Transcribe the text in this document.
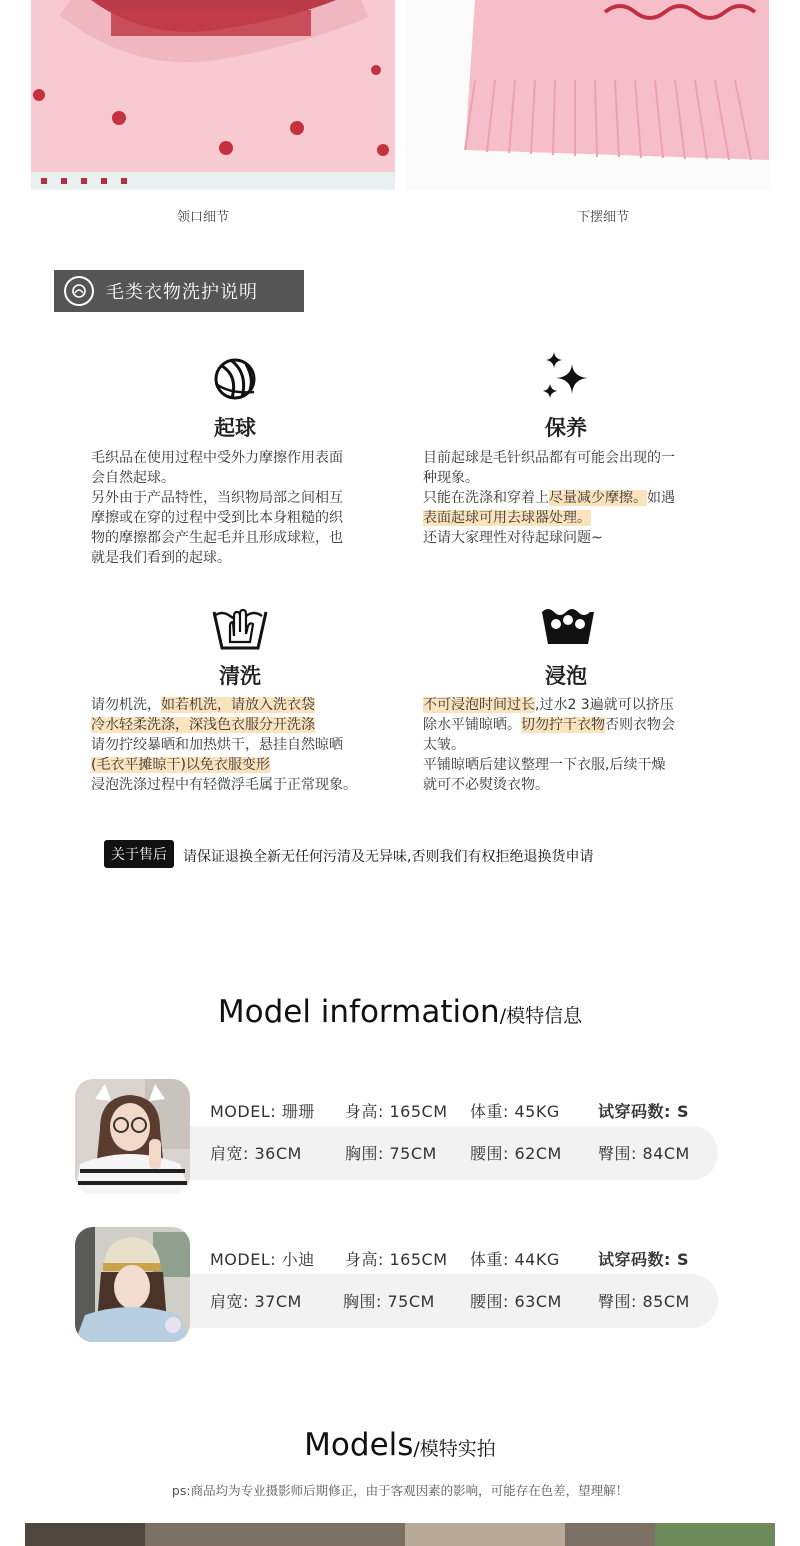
领口细节	下摆细节
毛类衣物洗护说明
起球	保养
清洗	浸泡
毛织品在使用过程中受外力摩擦作用表面
会自然起球。
另外由于产品特性，当织物局部之间相互
摩擦或在穿的过程中受到比本身粗糙的织
物的摩擦都会产生起毛并且形成球粒，也
就是我们看到的起球。
目前起球是毛针织品都有可能会出现的一
种现象。
只能在洗涤和穿着上尽量减少摩擦。如遇
表面起球可用去球器处理。
还请大家理性对待起球问题~
请勿机洗，如若机洗，请放入洗衣袋
冷水轻柔洗涤，深浅色衣服分开洗涤
请勿拧绞暴晒和加热烘干，悬挂自然晾晒
(毛衣平摊晾干)以免衣服变形
浸泡洗涤过程中有轻微浮毛属于正常现象。
不可浸泡时间过长,过水2 3遍就可以挤压
除水平铺晾晒。切勿拧干衣物否则衣物会
太皱。
平铺晾晒后建议整理一下衣服,后续干燥
就可不必熨烫衣物。
关于售后	请保证退换全新无任何污清及无异味,否则我们有权拒绝退换货申请
Model information/模特信息
MODEL: 珊珊	身高: 165CM	体重: 45KG	试穿码数: S
肩宽: 36CM	胸围: 75CM	腰围: 62CM	臀围: 84CM
MODEL: 小迪	身高: 165CM	体重: 44KG	试穿码数: S
肩宽: 37CM	胸围: 75CM	腰围: 63CM	臀围: 85CM
Models/模特实拍
ps:商品均为专业摄影师后期修正，由于客观因素的影响，可能存在色差，望理解！
